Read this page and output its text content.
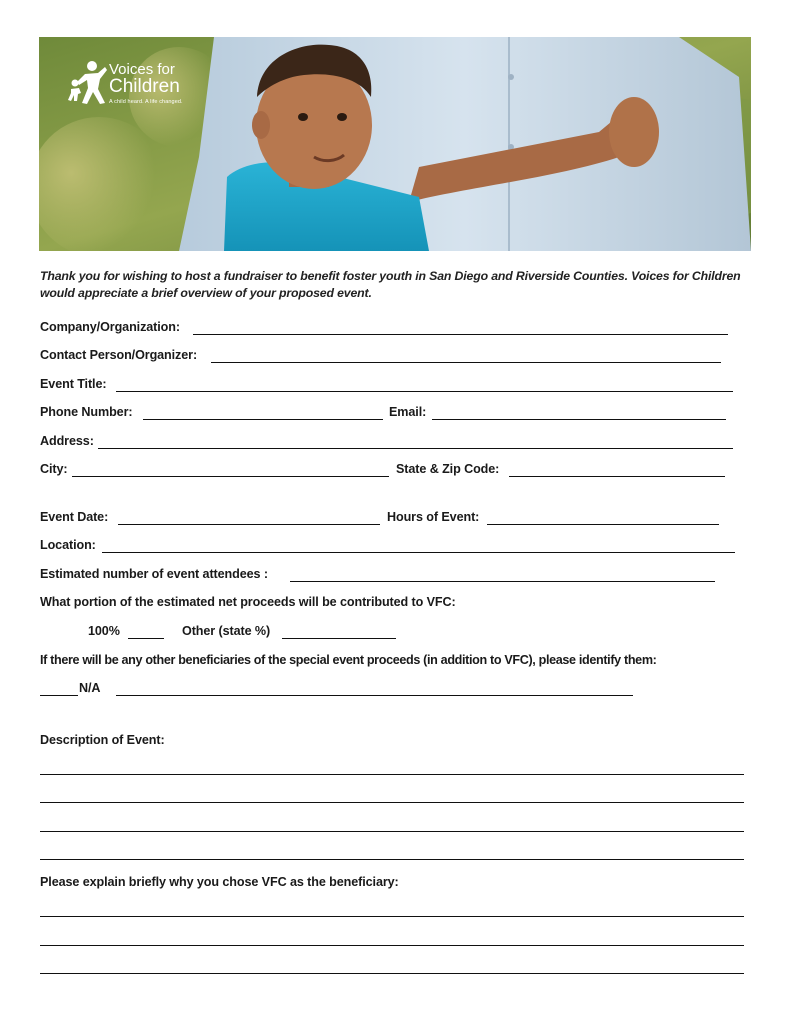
Voices for
Children
A child heard. A life changed.
Thank you for wishing to host a fundraiser to benefit foster youth in San Diego and Riverside Counties. Voices for Children would appreciate a brief overview of your proposed event.
Company/Organization:
Contact Person/Organizer:
Event Title:
Phone Number:	Email:
Address:
City:	State & Zip Code:
Event Date:	Hours of Event:
Location:
Estimated number of event attendees :
What portion of the estimated net proceeds will be contributed to VFC:
100%	Other (state %)
If there will be any other beneficiaries of the special event proceeds (in addition to VFC), please identify them:
N/A
Description of Event:
Please explain briefly why you chose VFC as the beneficiary:
